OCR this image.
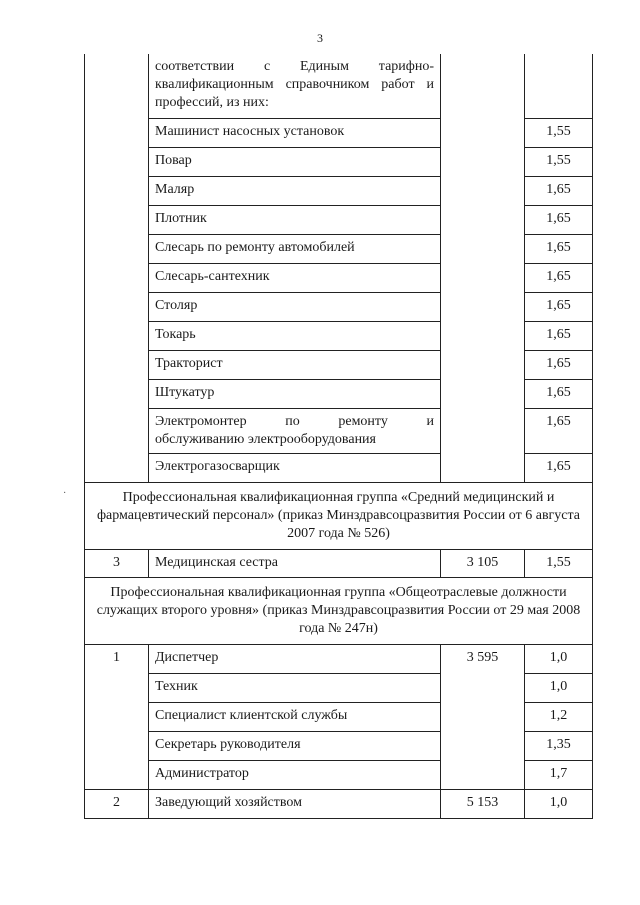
3
·

	соответствии с Единым тарифно-
квалификационным справочником работ и профессий, из них:		

	Машинист насосных установок		1,55
	Повар		1,55
	Маляр		1,65
	Плотник		1,65
	Слесарь по ремонту автомобилей		1,65
	Слесарь-сантехник		1,65
	Столяр		1,65
	Токарь		1,65
	Тракторист		1,65
	Штукатур		1,65

	Электромонтер по ремонту и
обслуживанию электрооборудования		1,65
	Электрогазосварщик		1,65
Профессиональная квалификационная группа «Средний медицинский и фармацевтический персонал» (приказ Минздравсоцразвития России от 6 августа 2007 года № 526)			
3	Медицинская сестра	3 105	1,55
Профессиональная квалификационная группа «Общеотраслевые должности служащих второго уровня» (приказ Минздравсоцразвития России от 29 мая 2008 года № 247н)			
1	Диспетчер	3 595	1,0
	Техник		1,0
	Специалист клиентской службы		1,2
	Секретарь руководителя		1,35
	Администратор		1,7
2	Заведующий хозяйством	5 153	1,0
